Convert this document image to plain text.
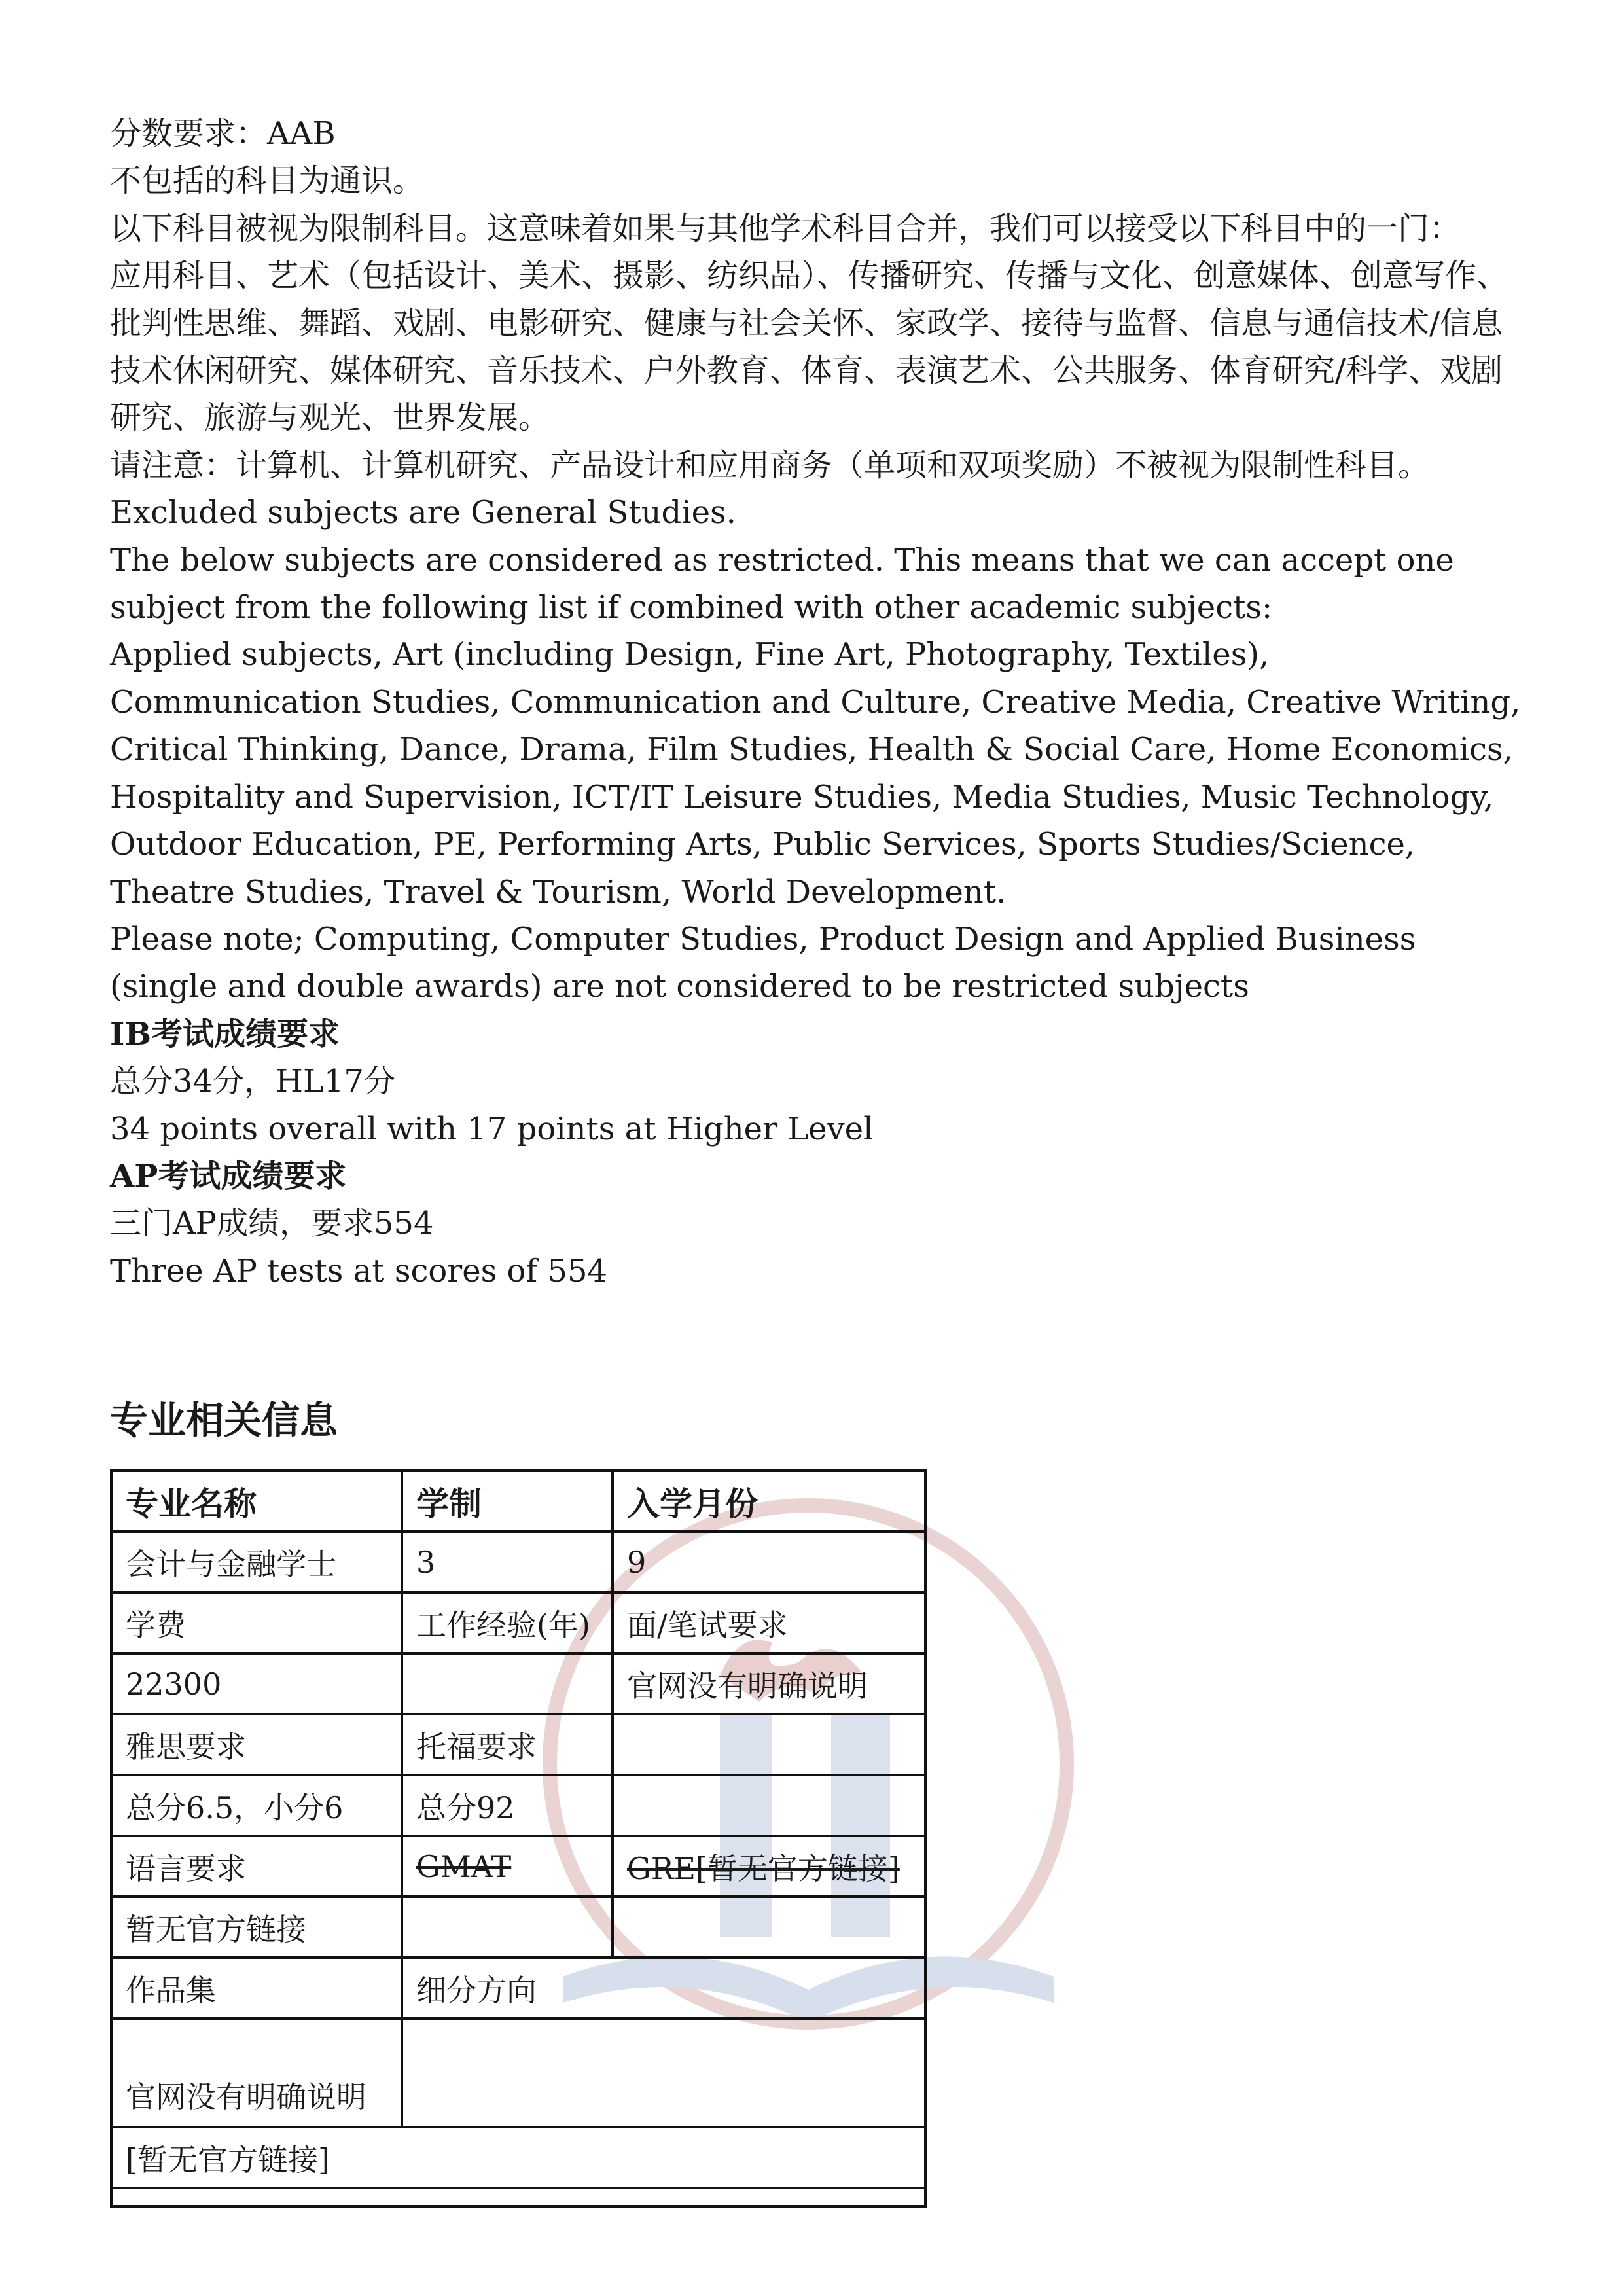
分数要求：AAB

不包括的科目为通识。

以下科目被视为限制科目。这意味着如果与其他学术科目合并，我们可以接受以下科目中的一门：

应用科目、艺术（包括设计、美术、摄影、纺织品）、传播研究、传播与文化、创意媒体、创意写作、批判性思维、舞蹈、戏剧、电影研究、健康与社会关怀、家政学、接待与监督、信息与通信技术/信息技术休闲研究、媒体研究、音乐技术、户外教育、体育、表演艺术、公共服务、体育研究/科学、戏剧研究、旅游与观光、世界发展。

请注意：计算机、计算机研究、产品设计和应用商务（单项和双项奖励）不被视为限制性科目。

Excluded subjects are General Studies.

The below subjects are considered as restricted. This means that we can accept one subject from the following list if combined with other academic subjects:

Applied subjects, Art (including Design, Fine Art, Photography, Textiles), Communication Studies, Communication and Culture, Creative Media, Creative Writing, Critical Thinking, Dance, Drama, Film Studies, Health & Social Care, Home Economics, Hospitality and Supervision, ICT/IT Leisure Studies, Media Studies, Music Technology, Outdoor Education, PE, Performing Arts, Public Services, Sports Studies/Science, Theatre Studies, Travel & Tourism, World Development.

Please note; Computing, Computer Studies, Product Design and Applied Business (single and double awards) are not considered to be restricted subjects

IB考试成绩要求

总分34分，HL17分

34 points overall with 17 points at Higher Level

AP考试成绩要求

三门AP成绩，要求554

Three AP tests at scores of 554

专业相关信息
专业名称	学制	入学月份
会计与金融学士	3	9
学费	工作经验(年)	面/笔试要求
22300		官网没有明确说明
雅思要求	托福要求	
总分6.5，小分6	总分92	
语言要求	GMAT	GRE[暂无官方链接]
暂无官方链接		
作品集	细分方向	
官网没有明确说明		
[暂无官方链接]		
